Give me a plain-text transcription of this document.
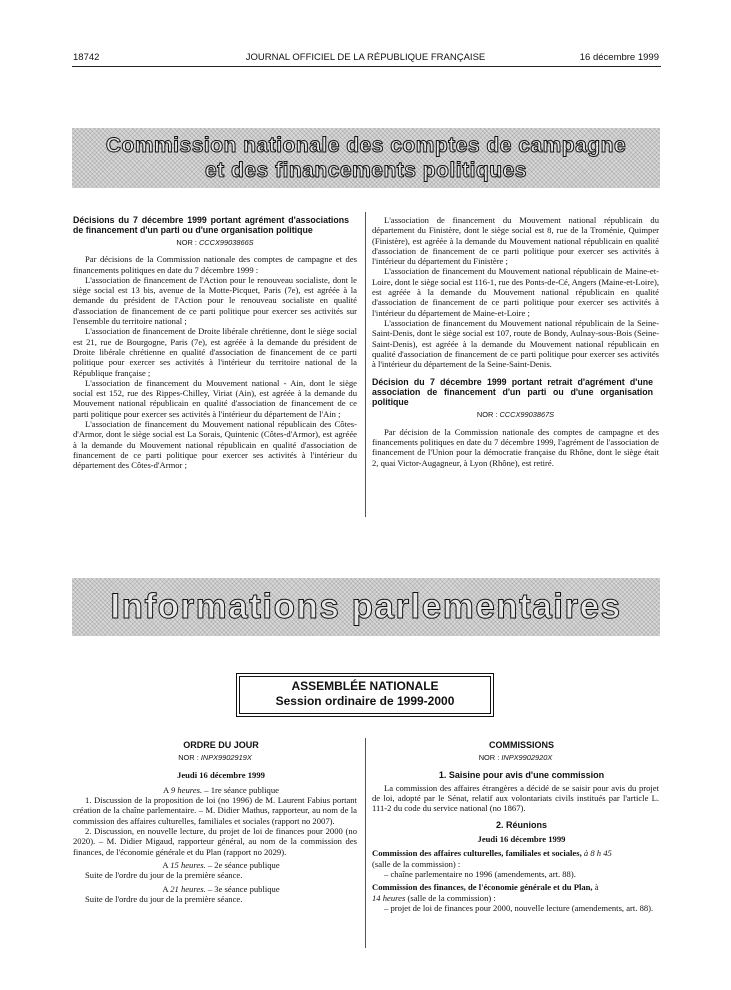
18742	JOURNAL OFFICIEL DE LA RÉPUBLIQUE FRANÇAISE	16 décembre 1999
Commission nationale des comptes de campagne
et des financements politiques

Décisions du 7 décembre 1999 portant agrément d'associations de financement d'un parti ou d'une organisation politique

NOR : CCCX9903866S

Par décisions de la Commission nationale des comptes de campagne et des financements politiques en date du 7 décembre 1999 :

L'association de financement de l'Action pour le renouveau socialiste, dont le siège social est 13 bis, avenue de la Motte-Picquet, Paris (7e), est agréée à la demande du président de l'Action pour le renouveau socialiste en qualité d'association de financement de ce parti politique pour exercer ses activités sur l'ensemble du territoire national ;

L'association de financement de Droite libérale chrétienne, dont le siège social est 21, rue de Bourgogne, Paris (7e), est agréée à la demande du président de Droite libérale chrétienne en qualité d'association de financement de ce parti politique pour exercer ses activités à l'intérieur du territoire national de la République française ;

L'association de financement du Mouvement national - Ain, dont le siège social est 152, rue des Rippes-Chilley, Viriat (Ain), est agréée à la demande du Mouvement national républicain en qualité d'association de financement de ce parti politique pour exercer ses activités à l'intérieur du département de l'Ain ;

L'association de financement du Mouvement national républicain des Côtes-d'Armor, dont le siège social est La Sorais, Quintenic (Côtes-d'Armor), est agréée à la demande du Mouvement national républicain en qualité d'association de financement de ce parti politique pour exercer ses activités à l'intérieur du département des Côtes-d'Armor ;

L'association de financement du Mouvement national républicain du département du Finistère, dont le siège social est 8, rue de la Troménie, Quimper (Finistère), est agréée à la demande du Mouvement national républicain en qualité d'association de financement de ce parti politique pour exercer ses activités à l'intérieur du département du Finistère ;

L'association de financement du Mouvement national républicain de Maine-et-Loire, dont le siège social est 116-1, rue des Ponts-de-Cé, Angers (Maine-et-Loire), est agréée à la demande du Mouvement national républicain en qualité d'association de financement de ce parti politique pour exercer ses activités à l'intérieur du département de Maine-et-Loire ;

L'association de financement du Mouvement national républicain de la Seine-Saint-Denis, dont le siège social est 107, route de Bondy, Aulnay-sous-Bois (Seine-Saint-Denis), est agréée à la demande du Mouvement national républicain en qualité d'association de financement de ce parti politique pour exercer ses activités à l'intérieur du département de la Seine-Saint-Denis.

Décision du 7 décembre 1999 portant retrait d'agrément d'une association de financement d'un parti ou d'une organisation politique

NOR : CCCX9903867S

Par décision de la Commission nationale des comptes de campagne et des financements politiques en date du 7 décembre 1999, l'agrément de l'association de financement de l'Union pour la démocratie française du Rhône, dont le siège était 2, quai Victor-Augagneur, à Lyon (Rhône), est retiré.

Informations parlementaires
ASSEMBLÉE NATIONALE
Session ordinaire de 1999-2000

ORDRE DU JOUR

NOR : INPX9902919X

Jeudi 16 décembre 1999

A 9 heures. – 1re séance publique

1. Discussion de la proposition de loi (no 1996) de M. Laurent Fabius portant création de la chaîne parlementaire. – M. Didier Mathus, rapporteur, au nom de la commission des affaires culturelles, familiales et sociales (rapport no 2007).

2. Discussion, en nouvelle lecture, du projet de loi de finances pour 2000 (no 2020). – M. Didier Migaud, rapporteur général, au nom de la commission des finances, de l'économie générale et du Plan (rapport no 2029).

A 15 heures. – 2e séance publique

Suite de l'ordre du jour de la première séance.

A 21 heures. – 3e séance publique

Suite de l'ordre du jour de la première séance.

COMMISSIONS

NOR : INPX9902920X

1. Saisine pour avis d'une commission

La commission des affaires étrangères a décidé de se saisir pour avis du projet de loi, adopté par le Sénat, relatif aux volontariats civils institués par l'article L. 111-2 du code du service national (no 1867).

2. Réunions

Jeudi 16 décembre 1999

Commission des affaires culturelles, familiales et sociales, à 8 h 45

(salle de la commission) :

– chaîne parlementaire no 1996 (amendements, art. 88).

Commission des finances, de l'économie générale et du Plan, à
14 heures (salle de la commission) :

– projet de loi de finances pour 2000, nouvelle lecture (amendements, art. 88).
